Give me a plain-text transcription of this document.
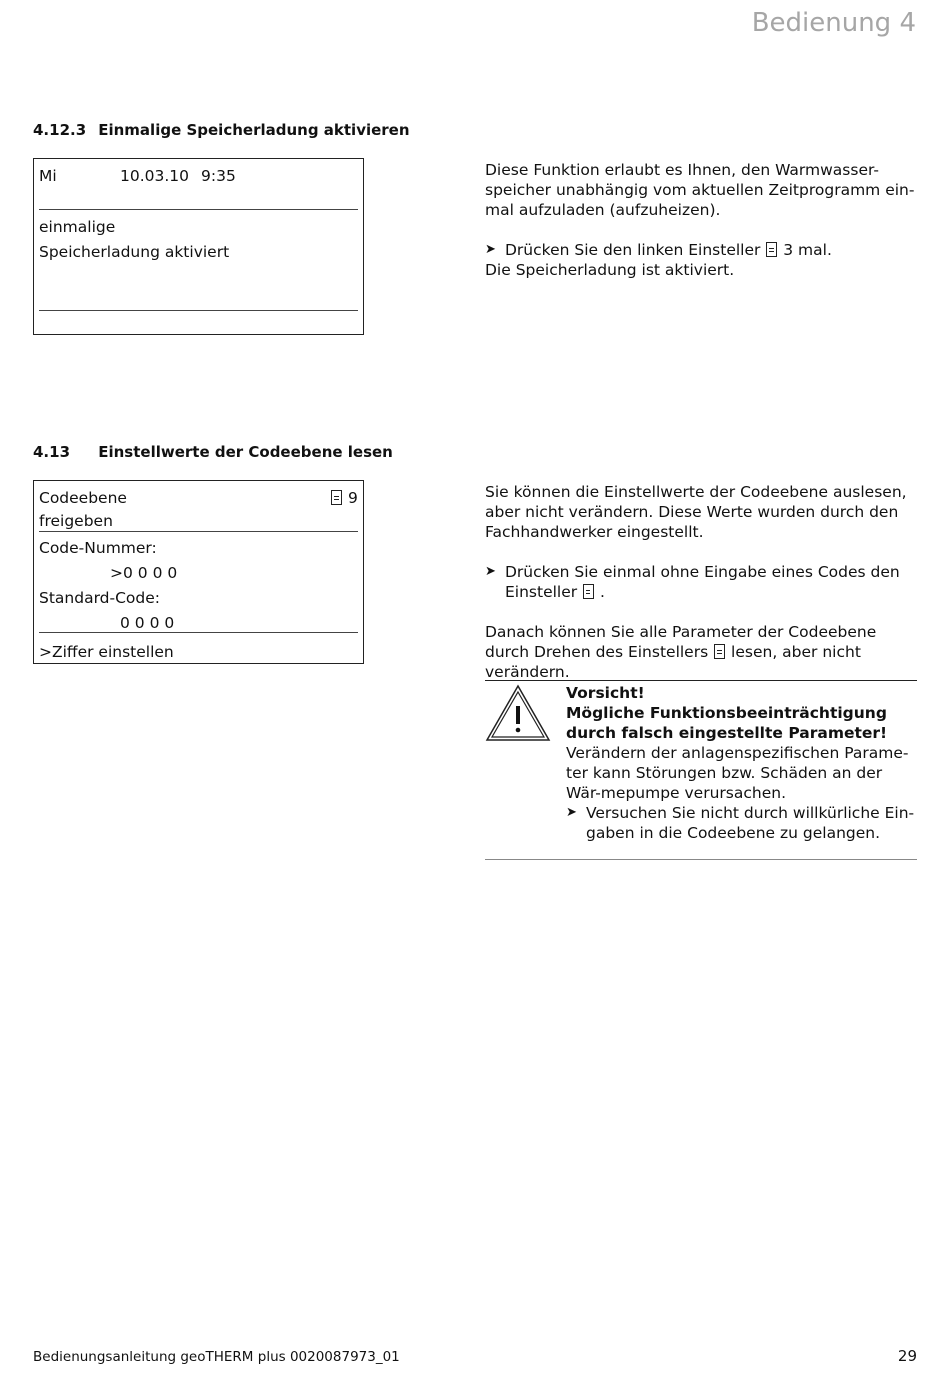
Bedienung 4
4.12.3 Einmalige Speicherladung aktivieren
Mi	10.03.10 9:35
einmalige
Speicherladung aktiviert

Diese Funktion erlaubt es Ihnen, den Warmwasser-speicher unabhängig vom aktuellen Zeitprogramm ein-mal aufzuladen (aufzuheizen).

➤ Drücken Sie den linken Einsteller 3 mal.

Die Speicherladung ist aktiviert.

4.13 Einstellwerte der Codeebene lesen
Codeebene	9
freigeben
Code-Nummer:
>0 0 0 0
Standard-Code:
0 0 0 0
>Ziffer einstellen

Sie können die Einstellwerte der Codeebene auslesen, aber nicht verändern. Diese Werte wurden durch den Fachhandwerker eingestellt.

➤ Drücken Sie einmal ohne Eingabe eines Codes den Einsteller .

Danach können Sie alle Parameter der Codeebene durch Drehen des Einstellers lesen, aber nicht verändern.

Vorsicht!

Mögliche Funktionsbeeinträchtigung durch falsch eingestellte Parameter!

Verändern der anlagenspezifischen Parame-ter kann Störungen bzw. Schäden an der Wär-mepumpe verursachen.

➤ Versuchen Sie nicht durch willkürliche Ein-gaben in die Codeebene zu gelangen.

Bedienungsanleitung geoTHERM plus 0020087973_01	29
